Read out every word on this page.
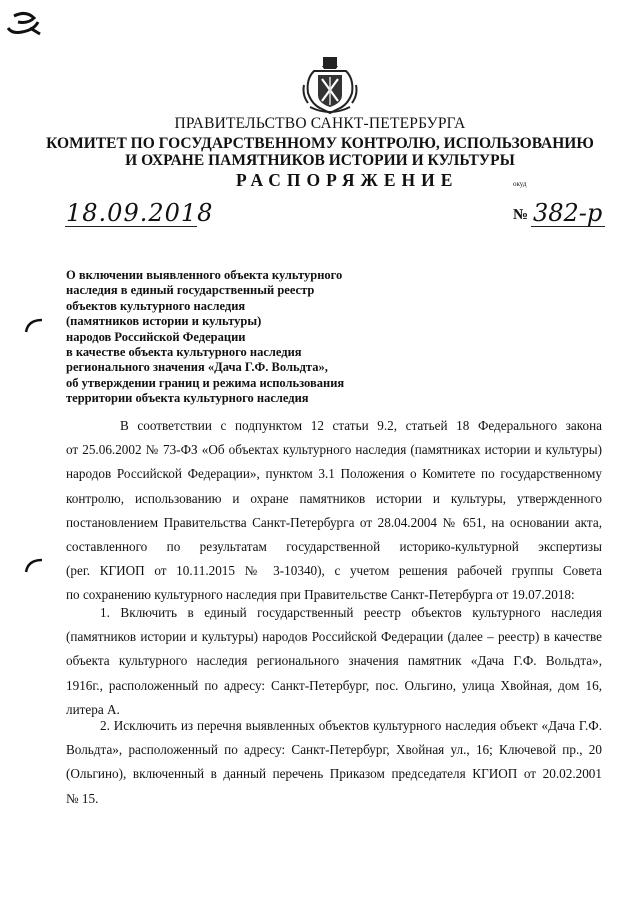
ПРАВИТЕЛЬСТВО САНКТ-ПЕТЕРБУРГА
КОМИТЕТ ПО ГОСУДАРСТВЕННОМУ КОНТРОЛЮ, ИСПОЛЬЗОВАНИЮ
И ОХРАНЕ ПАМЯТНИКОВ ИСТОРИИ И КУЛЬТУРЫ
РАСПОРЯЖЕНИЕ	окуд
18.09.2018	№ 382-р
О включении выявленного объекта культурного
наследия в единый государственный реестр
объектов культурного наследия
(памятников истории и культуры)
народов Российской Федерации
в качестве объекта культурного наследия
регионального значения «Дача Г.Ф. Вольдта»,
об утверждении границ и режима использования
территории объекта культурного наследия
В соответствии с подпунктом 12 статьи 9.2, статьей 18 Федерального закона
от 25.06.2002 № 73-ФЗ «Об объектах культурного наследия (памятниках истории и культуры)
народов Российской Федерации», пунктом 3.1 Положения о Комитете по государственному
контролю, использованию и охране памятников истории и культуры, утвержденного
постановлением Правительства Санкт-Петербурга от 28.04.2004 № 651, на основании акта,
составленного по результатам государственной историко-культурной экспертизы
(рег. КГИОП от 10.11.2015 № 3-10340), с учетом решения рабочей группы Совета
по сохранению культурного наследия при Правительстве Санкт-Петербурга от 19.07.2018:
1. Включить в единый государственный реестр объектов культурного наследия
(памятников истории и культуры) народов Российской Федерации (далее – реестр) в качестве
объекта культурного наследия регионального значения памятник «Дача Г.Ф. Вольдта»,
1916г., расположенный по адресу: Санкт-Петербург, пос. Ольгино, улица Хвойная, дом 16,
литера А.
2. Исключить из перечня выявленных объектов культурного наследия объект «Дача Г.Ф.
Вольдта», расположенный по адресу: Санкт-Петербург, Хвойная ул., 16; Ключевой пр., 20
(Ольгино), включенный в данный перечень Приказом председателя КГИОП от 20.02.2001
№ 15.
